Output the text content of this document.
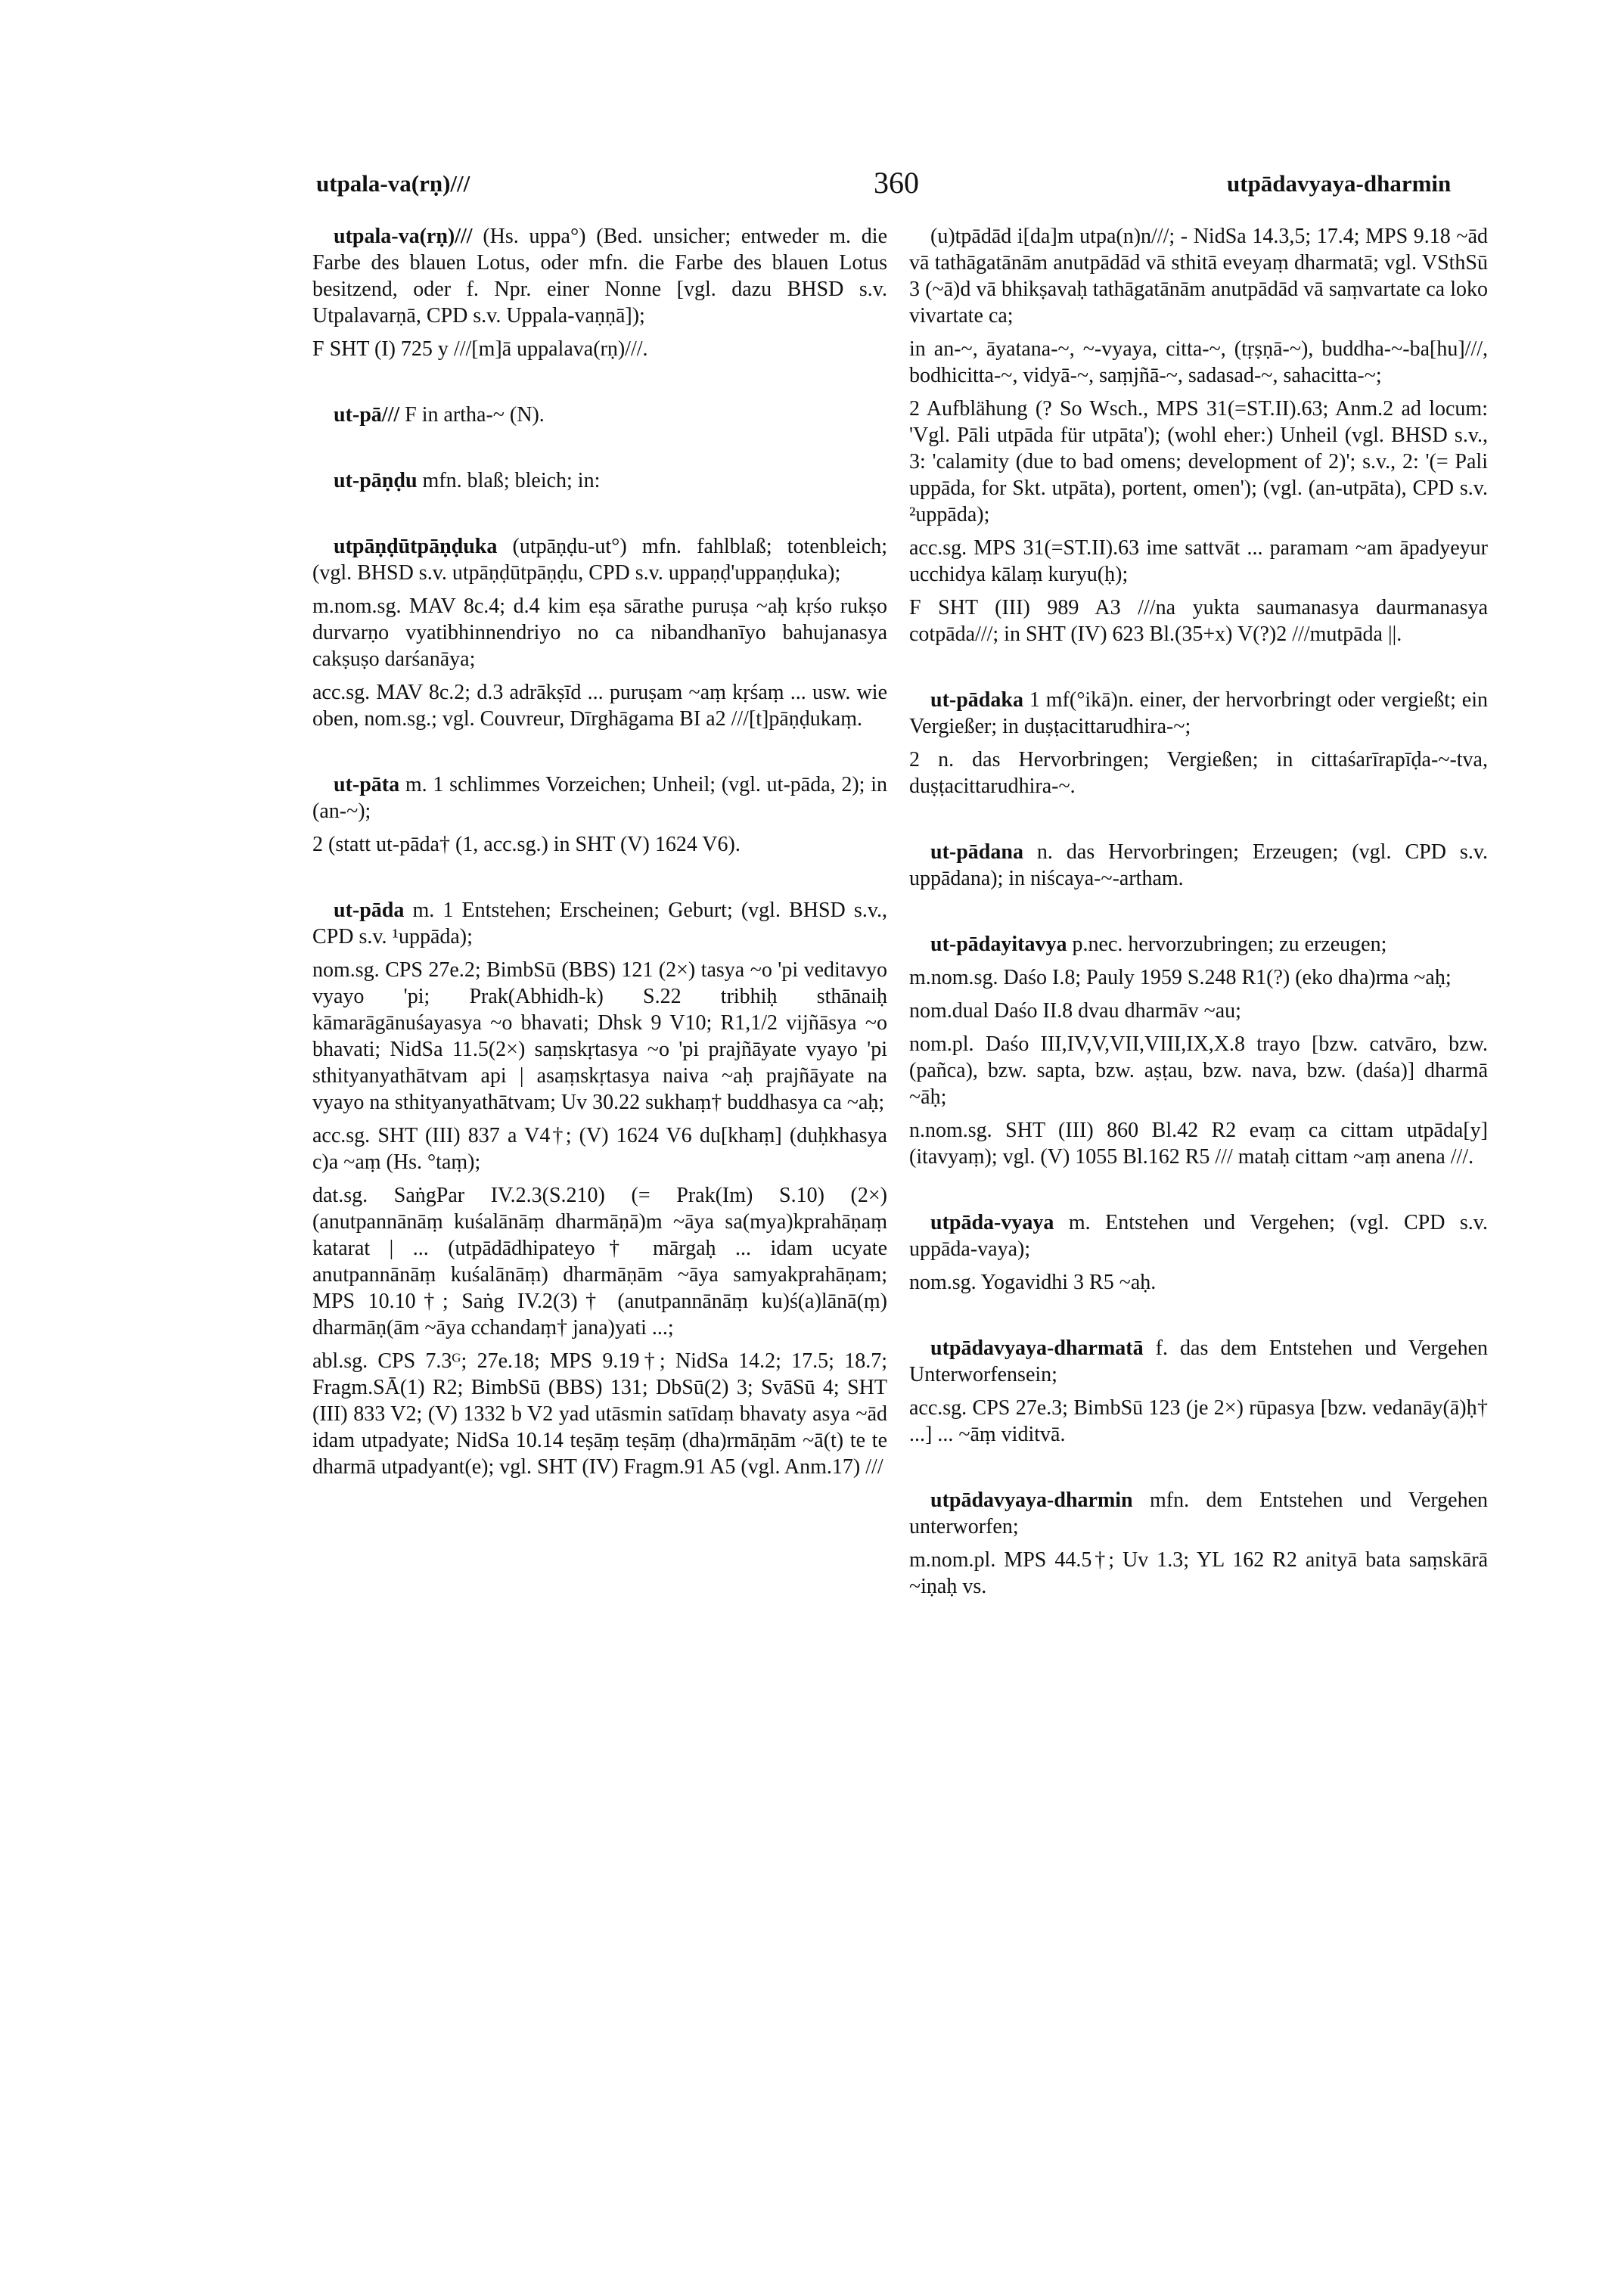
utpala-va(rṇ)///	360	utpādavyaya-dharmin

utpala-va(rṇ)/// (Hs. uppa°) (Bed. unsicher; entweder m. die Farbe des blauen Lotus, oder mfn. die Farbe des blauen Lotus besitzend, oder f. Npr. einer Nonne [vgl. dazu BHSD s.v. Utpalavarṇā, CPD s.v. Uppala-vaṇṇā]);

F SHT (I) 725 y ///[m]ā uppalava(rṇ)///.

ut-pā/// F in artha-~ (N).

ut-pāṇḍu mfn. blaß; bleich; in:

utpāṇḍūtpāṇḍuka (utpāṇḍu-ut°) mfn. fahlblaß; totenbleich; (vgl. BHSD s.v. utpāṇḍūtpāṇḍu, CPD s.v. uppaṇḍ'uppaṇḍuka);

m.nom.sg. MAV 8c.4; d.4 kim eṣa sārathe puruṣa ~aḥ kṛśo rukṣo durvarṇo vyatibhinnendriyo no ca nibandhanīyo bahujanasya cakṣuṣo darśanāya;

acc.sg. MAV 8c.2; d.3 adrākṣīd ... puruṣam ~aṃ kṛśaṃ ... usw. wie oben, nom.sg.; vgl. Couvreur, Dīrghāgama BI a2 ///[t]pāṇḍukaṃ.

ut-pāta m. 1 schlimmes Vorzeichen; Unheil; (vgl. ut-pāda, 2); in (an-~);

2 (statt ut-pāda† (1, acc.sg.) in SHT (V) 1624 V6).

ut-pāda m. 1 Entstehen; Erscheinen; Geburt; (vgl. BHSD s.v., CPD s.v. ¹uppāda);

nom.sg. CPS 27e.2; BimbSū (BBS) 121 (2×) tasya ~o 'pi veditavyo vyayo 'pi; Prak(Abhidh-k) S.22 tribhiḥ sthānaiḥ kāmarāgānuśayasya ~o bhavati; Dhsk 9 V10; R1,1/2 vijñāsya ~o bhavati; NidSa 11.5(2×) saṃskṛtasya ~o 'pi prajñāyate vyayo 'pi sthityanyathātvam api | asaṃskṛtasya naiva ~aḥ prajñāyate na vyayo na sthityanyathātvam; Uv 30.22 sukhaṃ† buddhasya ca ~aḥ;

acc.sg. SHT (III) 837 a V4†; (V) 1624 V6 du[khaṃ] (duḥkhasya c)a ~aṃ (Hs. °taṃ);

dat.sg. SaṅgPar IV.2.3(S.210) (= Prak(Im) S.10) (2×) (anutpannānāṃ kuśalānāṃ dharmāṇā)m ~āya sa(mya)kprahāṇaṃ katarat | ... (utpādādhipateyo† mārgaḥ ... idam ucyate anutpannānāṃ kuśalānāṃ) dharmāṇām ~āya samyakprahāṇam; MPS 10.10†; Saṅg IV.2(3)† (anutpannānāṃ ku)ś(a)lānā(ṃ) dharmāṇ(ām ~āya cchandaṃ† jana)yati ...;

abl.sg. CPS 7.3ᴳ; 27e.18; MPS 9.19†; NidSa 14.2; 17.5; 18.7; Fragm.SĀ(1) R2; BimbSū (BBS) 131; DbSū(2) 3; SvāSū 4; SHT (III) 833 V2; (V) 1332 b V2 yad utāsmin satīdaṃ bhavaty asya ~ād idam utpadyate; NidSa 10.14 teṣāṃ teṣāṃ (dha)rmāṇām ~ā(t) te te dharmā utpadyant(e); vgl. SHT (IV) Fragm.91 A5 (vgl. Anm.17) ///

(u)tpādād i[da]m utpa(n)n///; - NidSa 14.3,5; 17.4; MPS 9.18 ~ād vā tathāgatānām anutpādād vā sthitā eveyaṃ dharmatā; vgl. VSthSū 3 (~ā)d vā bhikṣavaḥ tathāgatānām anutpādād vā saṃvartate ca loko vivartate ca;

in an-~, āyatana-~, ~-vyaya, citta-~, (tṛṣṇā-~), buddha-~-ba[hu]///, bodhicitta-~, vidyā-~, saṃjñā-~, sadasad-~, sahacitta-~;

2 Aufblähung (? So Wsch., MPS 31(=ST.II).63; Anm.2 ad locum: 'Vgl. Pāli utpāda für utpāta'); (wohl eher:) Unheil (vgl. BHSD s.v., 3: 'calamity (due to bad omens; development of 2)'; s.v., 2: '(= Pali uppāda, for Skt. utpāta), portent, omen'); (vgl. (an-utpāta), CPD s.v. ²uppāda);

acc.sg. MPS 31(=ST.II).63 ime sattvāt ... paramam ~am āpadyeyur ucchidya kālaṃ kuryu(ḥ);

F SHT (III) 989 A3 ///na yukta saumanasya daurmanasya cotpāda///; in SHT (IV) 623 Bl.(35+x) V(?)2 ///mutpāda ||.

ut-pādaka 1 mf(°ikā)n. einer, der hervorbringt oder vergießt; ein Vergießer; in duṣṭacittarudhira-~;

2 n. das Hervorbringen; Vergießen; in cittaśarīrapīḍa-~-tva, duṣṭacittarudhira-~.

ut-pādana n. das Hervorbringen; Erzeugen; (vgl. CPD s.v. uppādana); in niścaya-~-artham.

ut-pādayitavya p.nec. hervorzubringen; zu erzeugen;

m.nom.sg. Daśo I.8; Pauly 1959 S.248 R1(?) (eko dha)rma ~aḥ;

nom.dual Daśo II.8 dvau dharmāv ~au;

nom.pl. Daśo III,IV,V,VII,VIII,IX,X.8 trayo [bzw. catvāro, bzw. (pañca), bzw. sapta, bzw. aṣṭau, bzw. nava, bzw. (daśa)] dharmā ~āḥ;

n.nom.sg. SHT (III) 860 Bl.42 R2 evaṃ ca cittam utpāda[y](itavyaṃ); vgl. (V) 1055 Bl.162 R5 /// mataḥ cittam ~aṃ anena ///.

utpāda-vyaya m. Entstehen und Vergehen; (vgl. CPD s.v. uppāda-vaya);

nom.sg. Yogavidhi 3 R5 ~aḥ.

utpādavyaya-dharmatā f. das dem Entstehen und Vergehen Unterworfensein;

acc.sg. CPS 27e.3; BimbSū 123 (je 2×) rūpasya [bzw. vedanāy(ā)ḥ† ...] ... ~āṃ viditvā.

utpādavyaya-dharmin mfn. dem Entstehen und Vergehen unterworfen;

m.nom.pl. MPS 44.5†; Uv 1.3; YL 162 R2 anityā bata saṃskārā ~iṇaḥ vs.
